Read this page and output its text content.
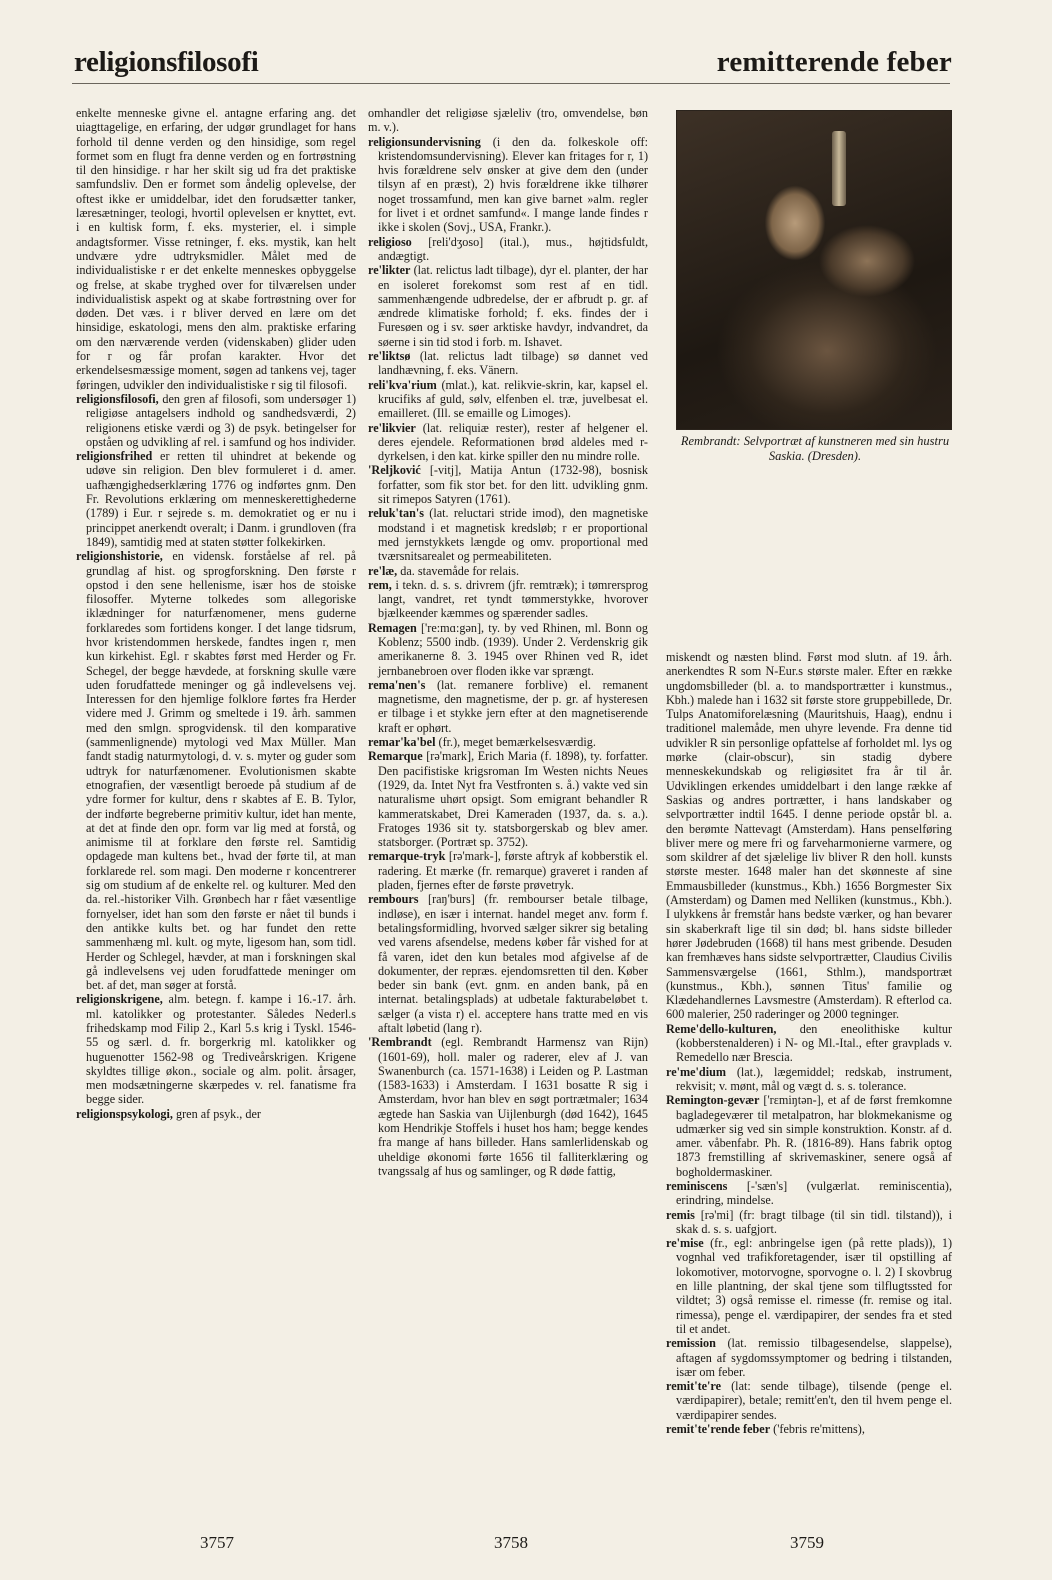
religionsfilosofi	remitterende feber

enkelte menneske givne el. antagne erfaring ang. det uiagttagelige, en erfaring, der udgør grundlaget for hans forhold til denne verden og den hinsidige, som regel formet som en flugt fra denne verden og en fortrøstning til den hinsidige. r har her skilt sig ud fra det praktiske samfundsliv. Den er formet som åndelig oplevelse, der oftest ikke er umiddelbar, idet den forudsætter tanker, læresætninger, teologi, hvortil oplevelsen er knyttet, evt. i en kultisk form, f. eks. mysterier, el. i simple andagtsformer. Visse retninger, f. eks. mystik, kan helt undvære ydre udtryksmidler. Målet med de individualistiske r er det enkelte menneskes opbyggelse og frelse, at skabe tryghed over for tilværelsen under individualistisk aspekt og at skabe fortrøstning over for døden. Det væs. i r bliver derved en lære om det hinsidige, eskatologi, mens den alm. praktiske erfaring om den nærværende verden (videnskaben) glider uden for r og får profan karakter. Hvor det erkendelsesmæssige moment, søgen ad tankens vej, tager føringen, udvikler den individualistiske r sig til filosofi.

religionsfilosofi, den gren af filosofi, som undersøger 1) religiøse antagelsers indhold og sandhedsværdi, 2) religionens etiske værdi og 3) de psyk. betingelser for opståen og udvikling af rel. i samfund og hos individer.

religionsfrihed er retten til uhindret at bekende og udøve sin religion. Den blev formuleret i d. amer. uafhængighedserklæring 1776 og indførtes gnm. Den Fr. Revolutions erklæring om menneskerettighederne (1789) i Eur. r sejrede s. m. demokratiet og er nu i princippet anerkendt overalt; i Danm. i grundloven (fra 1849), samtidig med at staten støtter folkekirken.

religionshistorie, en vidensk. forståelse af rel. på grundlag af hist. og sprogforskning. Den første r opstod i den sene hellenisme, især hos de stoiske filosoffer. Myterne tolkedes som allegoriske iklædninger for naturfænomener, mens guderne forklaredes som fortidens konger. I det lange tidsrum, hvor kristendommen herskede, fandtes ingen r, men kun kirkehist. Egl. r skabtes først med Herder og Fr. Schegel, der begge hævdede, at forskning skulle være uden forudfattede meninger og gå indlevelsens vej. Interessen for den hjemlige folklore førtes fra Herder videre med J. Grimm og smeltede i 19. årh. sammen med den smlgn. sprogvidensk. til den komparative (sammenlignende) mytologi ved Max Müller. Man fandt stadig naturmytologi, d. v. s. myter og guder som udtryk for naturfænomener. Evolutionismen skabte etnografien, der væsentligt beroede på studium af de ydre former for kultur, dens r skabtes af E. B. Tylor, der indførte begreberne primitiv kultur, idet han mente, at det at finde den opr. form var lig med at forstå, og animisme til at forklare den første rel. Samtidig opdagede man kultens bet., hvad der førte til, at man forklarede rel. som magi. Den moderne r koncentrerer sig om studium af de enkelte rel. og kulturer. Med den da. rel.-historiker Vilh. Grønbech har r fået væsentlige fornyelser, idet han som den første er nået til bunds i den antikke kults bet. og har fundet den rette sammenhæng ml. kult. og myte, ligesom han, som tidl. Herder og Schlegel, hævder, at man i forskningen skal gå indlevelsens vej uden forudfattede meninger om bet. af det, man søger at forstå.

religionskrigene, alm. betegn. f. kampe i 16.-17. årh. ml. katolikker og protestanter. Således Nederl.s frihedskamp mod Filip 2., Karl 5.s krig i Tyskl. 1546-55 og særl. d. fr. borgerkrig ml. katolikker og huguenotter 1562-98 og Trediveårskrigen. Krigene skyldtes tillige økon., sociale og alm. polit. årsager, men modsætningerne skærpedes v. rel. fanatisme fra begge sider.

religionspsykologi, gren af psyk., der

omhandler det religiøse sjæleliv (tro, omvendelse, bøn m. v.).

religionsundervisning (i den da. folkeskole off: kristendomsundervisning). Elever kan fritages for r, 1) hvis forældrene selv ønsker at give dem den (under tilsyn af en præst), 2) hvis forældrene ikke tilhører noget trossamfund, men kan give barnet »alm. regler for livet i et ordnet samfund«. I mange lande findes r ikke i skolen (Sovj., USA, Frankr.).

religioso [reli'dʒoso] (ital.), mus., højtidsfuldt, andægtigt.

re'likter (lat. relictus ladt tilbage), dyr el. planter, der har en isoleret forekomst som rest af en tidl. sammenhængende udbredelse, der er afbrudt p. gr. af ændrede klimatiske forhold; f. eks. findes der i Furesøen og i sv. søer arktiske havdyr, indvandret, da søerne i sin tid stod i forb. m. Ishavet.

re'liktsø (lat. relictus ladt tilbage) sø dannet ved landhævning, f. eks. Vänern.

reli'kva'rium (mlat.), kat. relikvie-skrin, kar, kapsel el. krucifiks af guld, sølv, elfenben el. træ, juvelbesat el. emailleret. (Ill. se emaille og Limoges).

re'likvier (lat. reliquiæ rester), rester af helgener el. deres ejendele. Reformationen brød aldeles med r-dyrkelsen, i den kat. kirke spiller den nu mindre rolle.

'Reljković [-vitj], Matija Antun (1732-98), bosnisk forfatter, som fik stor bet. for den litt. udvikling gnm. sit rimepos Satyren (1761).

reluk'tan's (lat. reluctari stride imod), den magnetiske modstand i et magnetisk kredsløb; r er proportional med jernstykkets længde og omv. proportional med tværsnitsarealet og permeabiliteten.

re'læ, da. stavemåde for relais.

rem, i tekn. d. s. s. drivrem (jfr. remtræk); i tømrersprog langt, vandret, ret tyndt tømmerstykke, hvorover bjælkeender kæmmes og spærender sadles.

Remagen ['re:mɑ:gən], ty. by ved Rhinen, ml. Bonn og Koblenz; 5500 indb. (1939). Under 2. Verdenskrig gik amerikanerne 8. 3. 1945 over Rhinen ved R, idet jernbanebroen over floden ikke var sprængt.

rema'nen's (lat. remanere forblive) el. remanent magnetisme, den magnetisme, der p. gr. af hysteresen er tilbage i et stykke jern efter at den magnetiserende kraft er ophørt.

remar'ka'bel (fr.), meget bemærkelsesværdig.

Remarque [rə'mark], Erich Maria (f. 1898), ty. forfatter. Den pacifistiske krigsroman Im Westen nichts Neues (1929, da. Intet Nyt fra Vestfronten s. å.) vakte ved sin naturalisme uhørt opsigt. Som emigrant behandler R kammeratskabet, Drei Kameraden (1937, da. s. a.). Fratoges 1936 sit ty. statsborgerskab og blev amer. statsborger. (Portræt sp. 3752).

remarque-tryk [rə'mark-], første aftryk af kobberstik el. radering. Et mærke (fr. remarque) graveret i randen af pladen, fjernes efter de første prøvetryk.

rembours [raŋ'burs] (fr. rembourser betale tilbage, indløse), en især i internat. handel meget anv. form f. betalingsformidling, hvorved sælger sikrer sig betaling ved varens afsendelse, medens køber får vished for at få varen, idet den kun betales mod afgivelse af de dokumenter, der repræs. ejendomsretten til den. Køber beder sin bank (evt. gnm. en anden bank, på en internat. betalingsplads) at udbetale fakturabeløbet t. sælger (a vista r) el. acceptere hans tratte med en vis aftalt løbetid (lang r).

'Rembrandt (egl. Rembrandt Harmensz van Rijn) (1601-69), holl. maler og raderer, elev af J. van Swanenburch (ca. 1571-1638) i Leiden og P. Lastman (1583-1633) i Amsterdam. I 1631 bosatte R sig i Amsterdam, hvor han blev en søgt portrætmaler; 1634 ægtede han Saskia van Uijlenburgh (død 1642), 1645 kom Hendrikje Stoffels i huset hos ham; begge kendes fra mange af hans billeder. Hans samlerlidenskab og uheldige økonomi førte 1656 til falliterklæring og tvangssalg af hus og samlinger, og R døde fattig,

Rembrandt: Selvportræt af kunstneren med sin hustru Saskia. (Dresden).

miskendt og næsten blind. Først mod slutn. af 19. årh. anerkendtes R som N-Eur.s største maler. Efter en række ungdomsbilleder (bl. a. to mandsportrætter i kunstmus., Kbh.) malede han i 1632 sit første store gruppebillede, Dr. Tulps Anatomiforelæsning (Mauritshuis, Haag), endnu i traditionel malemåde, men uhyre levende. Fra denne tid udvikler R sin personlige opfattelse af forholdet ml. lys og mørke (clair-obscur), sin stadig dybere menneskekundskab og religiøsitet fra år til år. Udviklingen erkendes umiddelbart i den lange række af Saskias og andres portrætter, i hans landskaber og selvportrætter indtil 1645. I denne periode opstår bl. a. den berømte Nattevagt (Amsterdam). Hans penselføring bliver mere og mere fri og farveharmonierne varmere, og som skildrer af det sjælelige liv bliver R den holl. kunsts største mester. 1648 maler han det skønneste af sine Emmausbilleder (kunstmus., Kbh.) 1656 Borgmester Six (Amsterdam) og Damen med Nelliken (kunstmus., Kbh.). I ulykkens år fremstår hans bedste værker, og han bevarer sin skaberkraft lige til sin død; bl. hans sidste billeder hører Jødebruden (1668) til hans mest gribende. Desuden kan fremhæves hans sidste selvportrætter, Claudius Civilis Sammensværgelse (1661, Sthlm.), mandsportræt (kunstmus., Kbh.), sønnen Titus' familie og Klædehandlernes Lavsmestre (Amsterdam). R efterlod ca. 600 malerier, 250 raderinger og 2000 tegninger.

Reme'dello-kulturen, den eneolithiske kultur (kobberstenalderen) i N- og Ml.-Ital., efter gravplads v. Remedello nær Brescia.

re'me'dium (lat.), lægemiddel; redskab, instrument, rekvisit; v. mønt, mål og vægt d. s. s. tolerance.

Remington-gevær ['rɛmiŋtən-], et af de først fremkomne bagladegeværer til metalpatron, har blokmekanisme og udmærker sig ved sin simple konstruktion. Konstr. af d. amer. våbenfabr. Ph. R. (1816-89). Hans fabrik optog 1873 fremstilling af skrivemaskiner, senere også af bogholdermaskiner.

reminiscens [-'sæn's] (vulgærlat. reminiscentia), erindring, mindelse.

remis [rə'mi] (fr: bragt tilbage (til sin tidl. tilstand)), i skak d. s. s. uafgjort.

re'mise (fr., egl: anbringelse igen (på rette plads)), 1) vognhal ved trafikforetagender, især til opstilling af lokomotiver, motorvogne, sporvogne o. l. 2) I skovbrug en lille plantning, der skal tjene som tilflugtssted for vildtet; 3) også remisse el. rimesse (fr. remise og ital. rimessa), penge el. værdipapirer, der sendes fra et sted til et andet.

remission (lat. remissio tilbagesendelse, slappelse), aftagen af sygdomssymptomer og bedring i tilstanden, især om feber.

remit'te're (lat: sende tilbage), tilsende (penge el. værdipapirer), betale; remitt'en't, den til hvem penge el. værdipapirer sendes.

remit'te'rende feber ('febris re'mittens),

3757	3758	3759
